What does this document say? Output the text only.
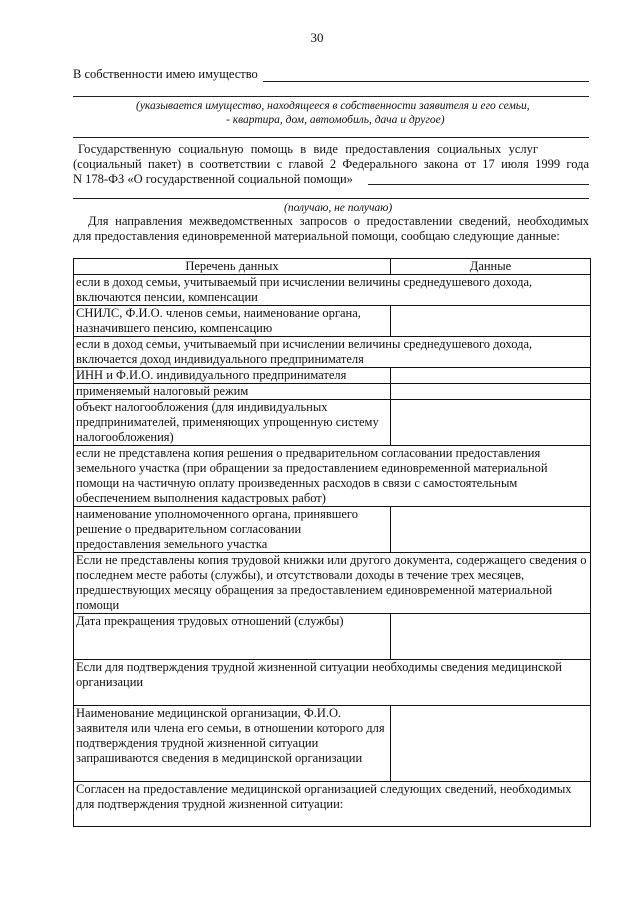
30
В собственности имею имущество
(указывается имущество, находящееся в собственности заявителя и его семьи,
- квартира, дом, автомобиль, дача и другое)
Государственную социальную помощь в виде предоставления социальных услуг
(социальный пакет) в соответствии с главой 2 Федерального закона от 17 июля 1999 года
N 178-ФЗ «О государственной социальной помощи»
(получаю, не получаю)
Для направления межведомственных запросов о предоставлении сведений, необходимых
для предоставления единовременной материальной помощи, сообщаю следующие данные:
Перечень данных	Данные
если в доход семьи, учитываемый при исчислении величины среднедушевого дохода, включаются пенсии, компенсации	
СНИЛС, Ф.И.О. членов семьи, наименование органа, назначившего пенсию, компенсацию	
если в доход семьи, учитываемый при исчислении величины среднедушевого дохода, включается доход индивидуального предпринимателя	
ИНН и Ф.И.О. индивидуального предпринимателя	
применяемый налоговый режим	
объект налогообложения (для индивидуальных предпринимателей, применяющих упрощенную систему налогообложения)	
если не представлена копия решения о предварительном согласовании предоставления земельного участка (при обращении за предоставлением единовременной материальной помощи на частичную оплату произведенных расходов в связи с самостоятельным обеспечением выполнения кадастровых работ)	
наименование уполномоченного органа, принявшего решение о предварительном согласовании предоставления земельного участка	
Если не представлены копия трудовой книжки или другого документа, содержащего сведения о последнем месте работы (службы), и отсутствовали доходы в течение трех месяцев, предшествующих месяцу обращения за предоставлением единовременной материальной помощи	
Дата прекращения трудовых отношений (службы)	
Если для подтверждения трудной жизненной ситуации необходимы сведения медицинской организации	
Наименование медицинской организации, Ф.И.О. заявителя или члена его семьи, в отношении которого для подтверждения трудной жизненной ситуации запрашиваются сведения в медицинской организации	
Согласен на предоставление медицинской организацией следующих сведений, необходимых для подтверждения трудной жизненной ситуации:	
